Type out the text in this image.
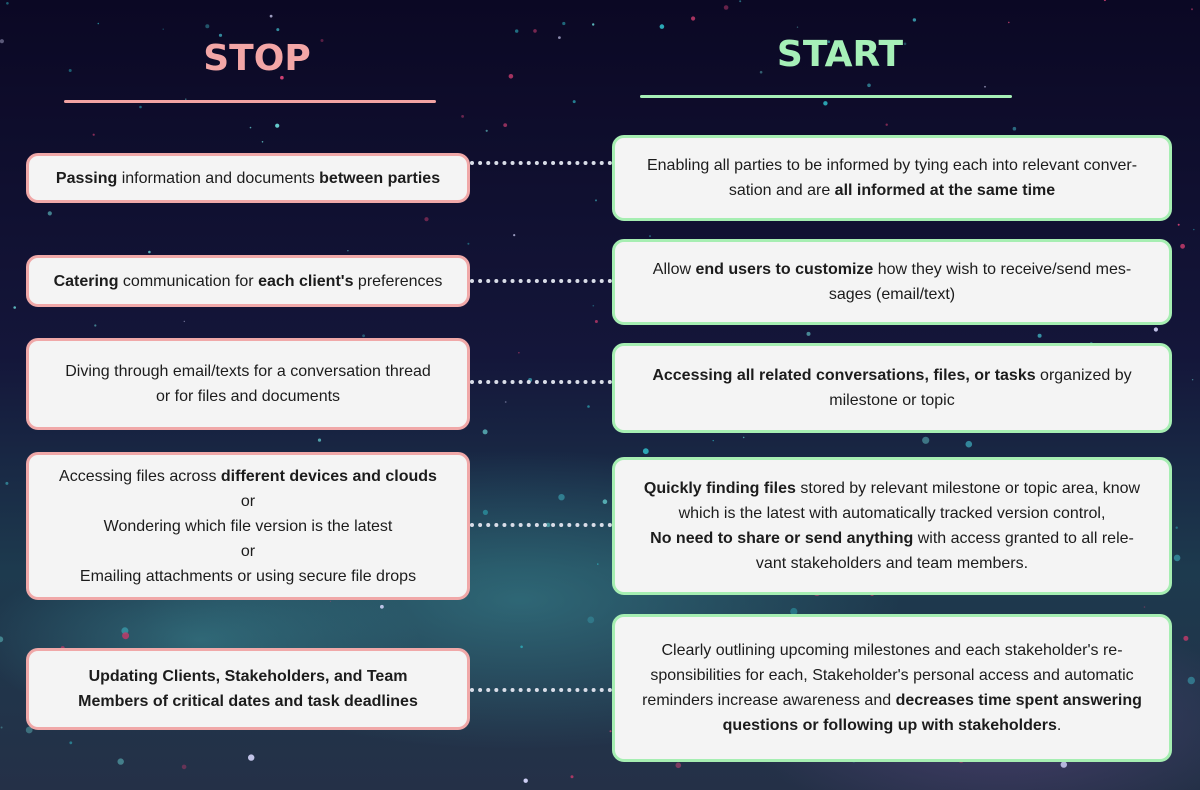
STOP	START
Passing information and documents between parties
Catering communication for each client's preferences
Diving through email/texts for a conversation thread
or for files and documents
Accessing files across different devices and clouds
or
Wondering which file version is the latest
or
Emailing attachments or using secure file drops
Updating Clients, Stakeholders, and Team
Members of critical dates and task deadlines
Enabling all parties to be informed by tying each into relevant conver-
sation and are all informed at the same time
Allow end users to customize how they wish to receive/send mes-
sages (email/text)
Accessing all related conversations, files, or tasks organized by
milestone or topic
Quickly finding files stored by relevant milestone or topic area, know
which is the latest with automatically tracked version control,
No need to share or send anything with access granted to all rele-
vant stakeholders and team members.
Clearly outlining upcoming milestones and each stakeholder's re-
sponsibilities for each, Stakeholder's personal access and automatic
reminders increase awareness and decreases time spent answering
questions or following up with stakeholders.
